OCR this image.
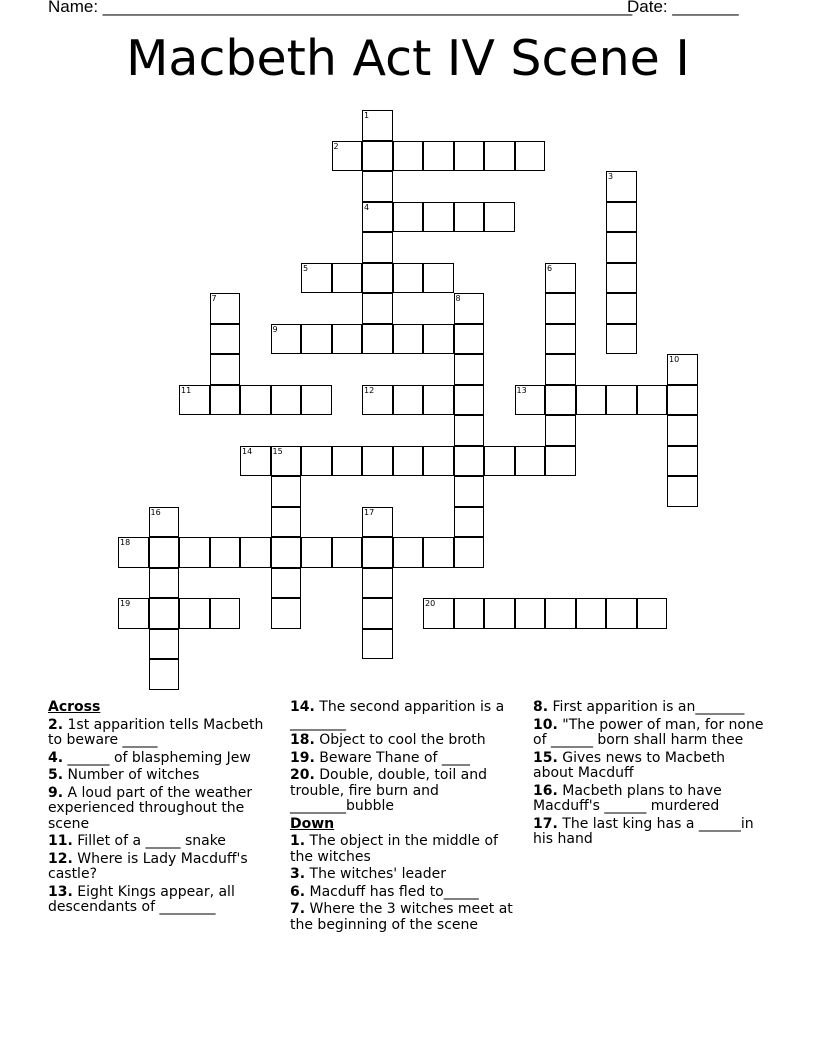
Name: ________________________________________________________
Date: _______
Macbeth Act IV Scene I
1
4
2
3
5	6
7	8
9
10
11	12	13
14	15
16	17
18
19	20
Across
2. 1st apparition tells Macbeth to beware _____
4. ______ of blaspheming Jew
5. Number of witches
9. A loud part of the weather experienced throughout the scene
11. Fillet of a _____ snake
12. Where is Lady Macduff's castle?
13. Eight Kings appear, all descendants of ________
14. The second apparition is a ________
18. Object to cool the broth
19. Beware Thane of ____
20. Double, double, toil and trouble, fire burn and ________bubble
Down
1. The object in the middle of the witches
3. The witches' leader
6. Macduff has fled to_____
7. Where the 3 witches meet at the beginning of the scene
8. First apparition is an_______
10. "The power of man, for none of ______ born shall harm thee
15. Gives news to Macbeth about Macduff
16. Macbeth plans to have Macduff's ______ murdered
17. The last king has a ______in his hand
